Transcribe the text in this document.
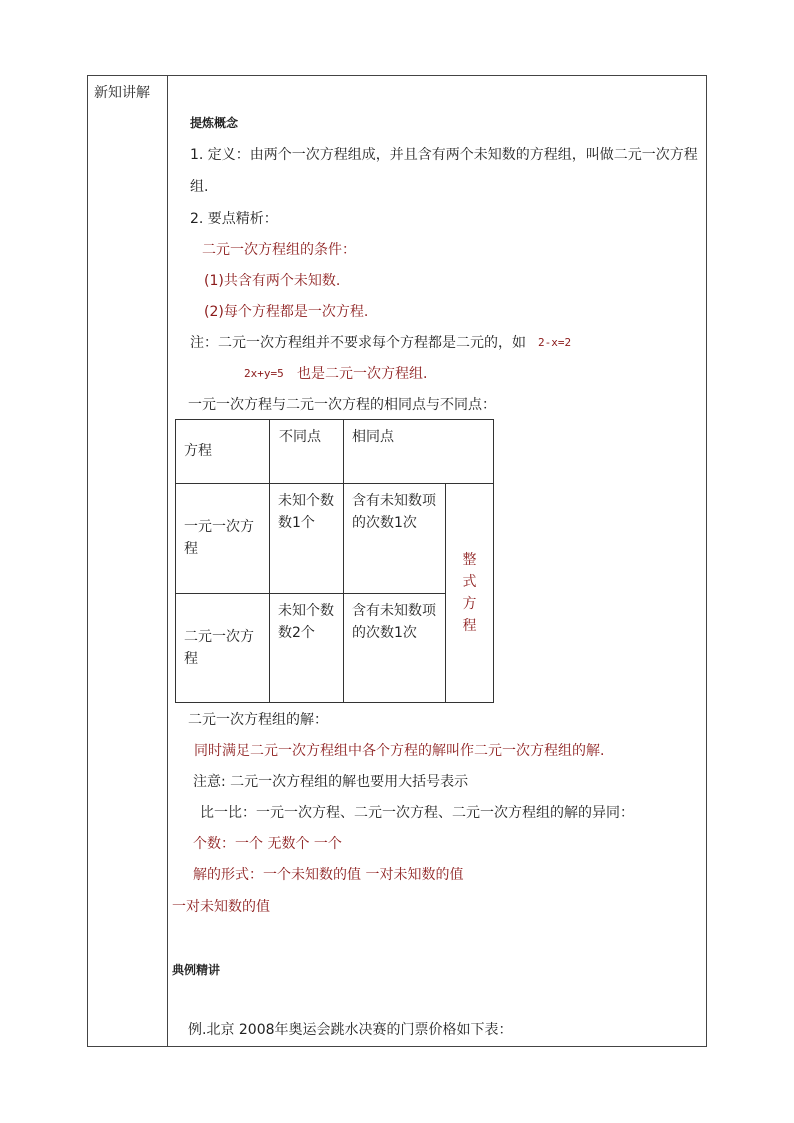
新知讲解
提炼概念
1. 定义：由两个一次方程组成，并且含有两个未知数的方程组，叫做二元一次方程
组.
2. 要点精析：
二元一次方程组的条件：
(1)共含有两个未知数.
(2)每个方程都是一次方程.
注：二元一次方程组并不要求每个方程都是二元的，如 2-x=2
2x+y=5 也是二元一次方程组.
一元一次方程与二元一次方程的相同点与不同点：
方程	不同点	相同点	

一元一次方程	未知个数数1个	含有未知数项的次数1次	整式方程

二元一次方程	未知个数数2个	含有未知数项的次数1次	
二元一次方程组的解：
同时满足二元一次方程组中各个方程的解叫作二元一次方程组的解.
注意: 二元一次方程组的解也要用大括号表示
比一比：一元一次方程、二元一次方程、二元一次方程组的解的异同：
个数：一个 无数个 一个
解的形式：一个未知数的值 一对未知数的值
一对未知数的值
典例精讲
例.北京 2008年奥运会跳水决赛的门票价格如下表：
